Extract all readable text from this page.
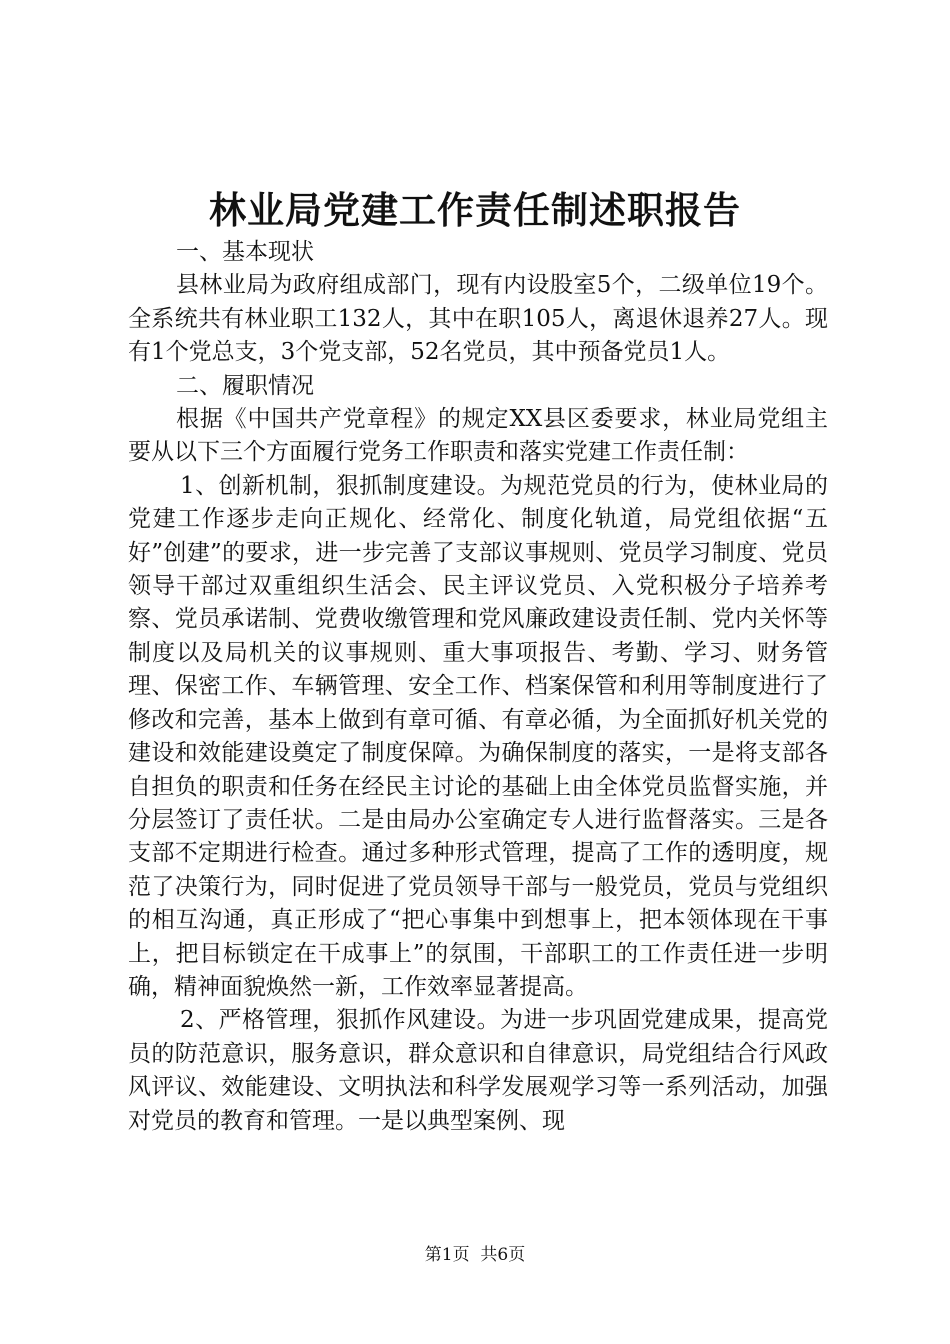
林业局党建工作责任制述职报告

一、基本现状

县林业局为政府组成部门，现有内设股室5个，二级单位19个。全系统共有林业职工132人，其中在职105人，离退休退养27人。现有1个党总支，3个党支部，52名党员，其中预备党员1人。

二、履职情况

根据《中国共产党章程》的规定XX县区委要求，林业局党组主要从以下三个方面履行党务工作职责和落实党建工作责任制：

1、创新机制，狠抓制度建设。为规范党员的行为，使林业局的党建工作逐步走向正规化、经常化、制度化轨道，局党组依据“五好”创建”的要求，进一步完善了支部议事规则、党员学习制度、党员领导干部过双重组织生活会、民主评议党员、入党积极分子培养考察、党员承诺制、党费收缴管理和党风廉政建设责任制、党内关怀等制度以及局机关的议事规则、重大事项报告、考勤、学习、财务管理、保密工作、车辆管理、安全工作、档案保管和利用等制度进行了修改和完善，基本上做到有章可循、有章必循，为全面抓好机关党的建设和效能建设奠定了制度保障。为确保制度的落实，一是将支部各自担负的职责和任务在经民主讨论的基础上由全体党员监督实施，并分层签订了责任状。二是由局办公室确定专人进行监督落实。三是各支部不定期进行检查。通过多种形式管理，提高了工作的透明度，规范了决策行为，同时促进了党员领导干部与一般党员，党员与党组织的相互沟通，真正形成了“把心事集中到想事上，把本领体现在干事上，把目标锁定在干成事上”的氛围，干部职工的工作责任进一步明确，精神面貌焕然一新，工作效率显著提高。

2、严格管理，狠抓作风建设。为进一步巩固党建成果，提高党员的防范意识，服务意识，群众意识和自律意识，局党组结合行风政风评议、效能建设、文明执法和科学发展观学习等一系列活动，加强对党员的教育和管理。一是以典型案例、现

第1页 共6页
